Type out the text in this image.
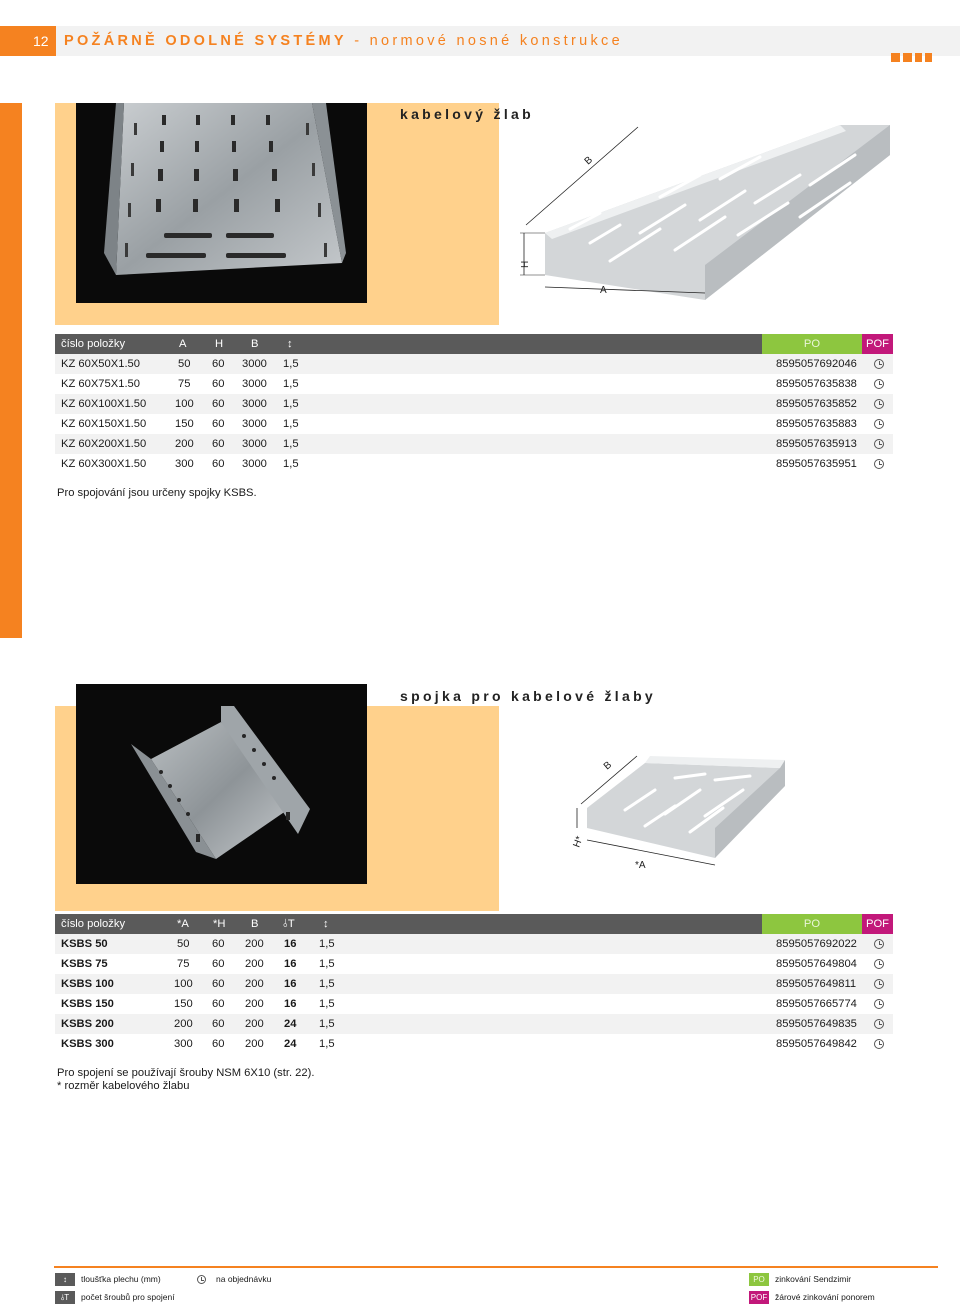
12	POŽÁRNĚ ODOLNÉ SYSTÉMY - normové nosné konstrukce
kabelový žlab
B
H
A
číslo položky	A	H B	↕	PO	POF
KZ 60X50X1.50	50 60 3000 1,5	8595057692046
KZ 60X75X1.50	75 60 3000 1,5	8595057635838
KZ 60X100X1.50	100 60 3000 1,5	8595057635852
KZ 60X150X1.50	150 60 3000 1,5	8595057635883
KZ 60X200X1.50	200 60 3000 1,5	8595057635913
KZ 60X300X1.50	300 60 3000 1,5	8595057635951
Pro spojování jsou určeny spojky KSBS.
spojka pro kabelové žlaby
B
H*
*A
číslo položky	*A *H B ⫰T	↕	PO	POF
KSBS 50	50 60 200 16 1,5	8595057692022
KSBS 75	75 60 200 16 1,5	8595057649804
KSBS 100	100 60 200 16 1,5	8595057649811
KSBS 150	150 60 200 16 1,5	8595057665774
KSBS 200	200 60 200 24 1,5	8595057649835
KSBS 300	300 60 200 24 1,5	8595057649842
Pro spojení se používají šrouby NSM 6X10 (str. 22).
* rozměr kabelového žlabu
↕	tloušťka plechu (mm)
⫰T	počet šroubů pro spojení
na objednávku	PO	zinkování Sendzimir
POF žárové zinkování ponorem
